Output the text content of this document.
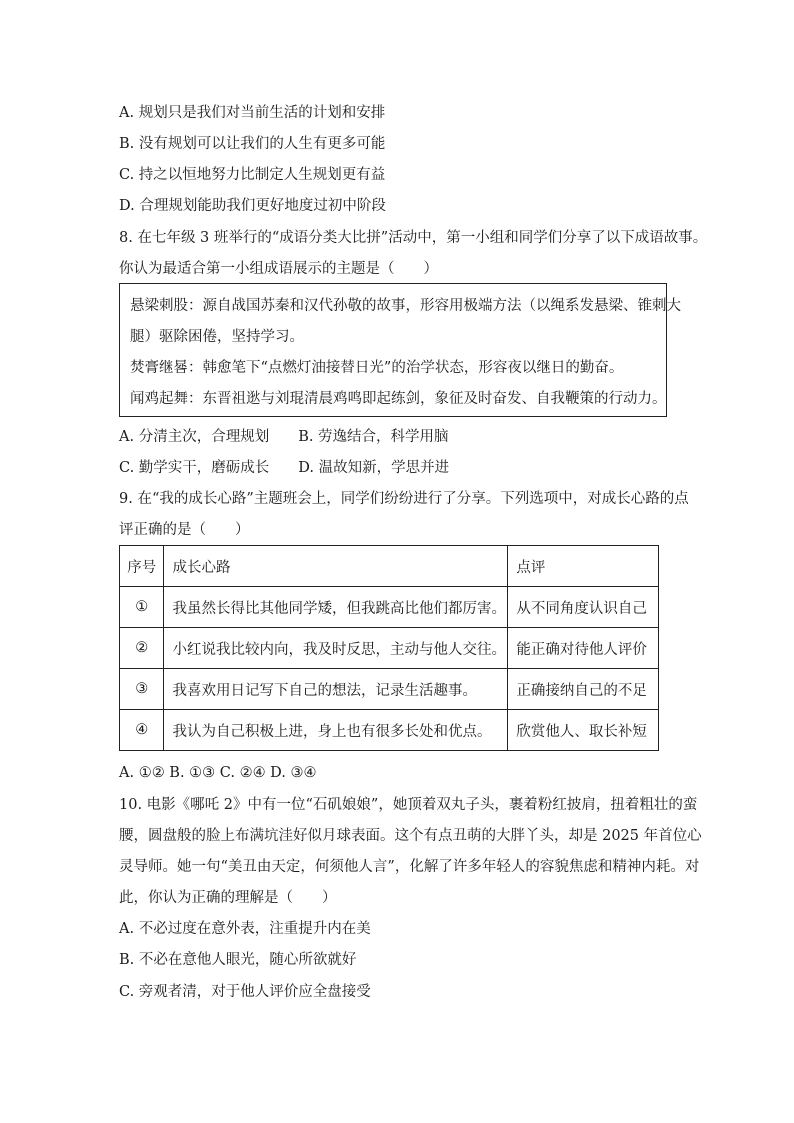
A. 规划只是我们对当前生活的计划和安排
B. 没有规划可以让我们的人生有更多可能
C. 持之以恒地努力比制定人生规划更有益
D. 合理规划能助我们更好地度过初中阶段
8. 在七年级 3 班举行的“成语分类大比拼”活动中，第一小组和同学们分享了以下成语故事。
你认为最适合第一小组成语展示的主题是（　　）
悬梁刺股：源自战国苏秦和汉代孙敬的故事，形容用极端方法（以绳系发悬梁、锥刺大
腿）驱除困倦，坚持学习。
焚膏继晷：韩愈笔下“点燃灯油接替日光”的治学状态，形容夜以继日的勤奋。
闻鸡起舞：东晋祖逖与刘琨清晨鸡鸣即起练剑，象征及时奋发、自我鞭策的行动力。
A. 分清主次，合理规划　　B. 劳逸结合，科学用脑
C. 勤学实干，磨砺成长　　D. 温故知新，学思并进
9. 在“我的成长心路”主题班会上，同学们纷纷进行了分享。下列选项中，对成长心路的点
评正确的是（　　）
序号	成长心路	点评
①	我虽然长得比其他同学矮，但我跳高比他们都厉害。	从不同角度认识自己
②	小红说我比较内向，我及时反思，主动与他人交往。	能正确对待他人评价
③	我喜欢用日记写下自己的想法，记录生活趣事。	正确接纳自己的不足
④	我认为自己积极上进，身上也有很多长处和优点。	欣赏他人、取长补短
A. ①② B. ①③ C. ②④ D. ③④
10. 电影《哪吒 2》中有一位“石矶娘娘”，她顶着双丸子头，裹着粉红披肩，扭着粗壮的蛮
腰，圆盘般的脸上布满坑洼好似月球表面。这个有点丑萌的大胖丫头，却是 2025 年首位心
灵导师。她一句“美丑由天定，何须他人言”，化解了许多年轻人的容貌焦虑和精神内耗。对
此，你认为正确的理解是（　　）
A. 不必过度在意外表，注重提升内在美
B. 不必在意他人眼光，随心所欲就好
C. 旁观者清，对于他人评价应全盘接受
